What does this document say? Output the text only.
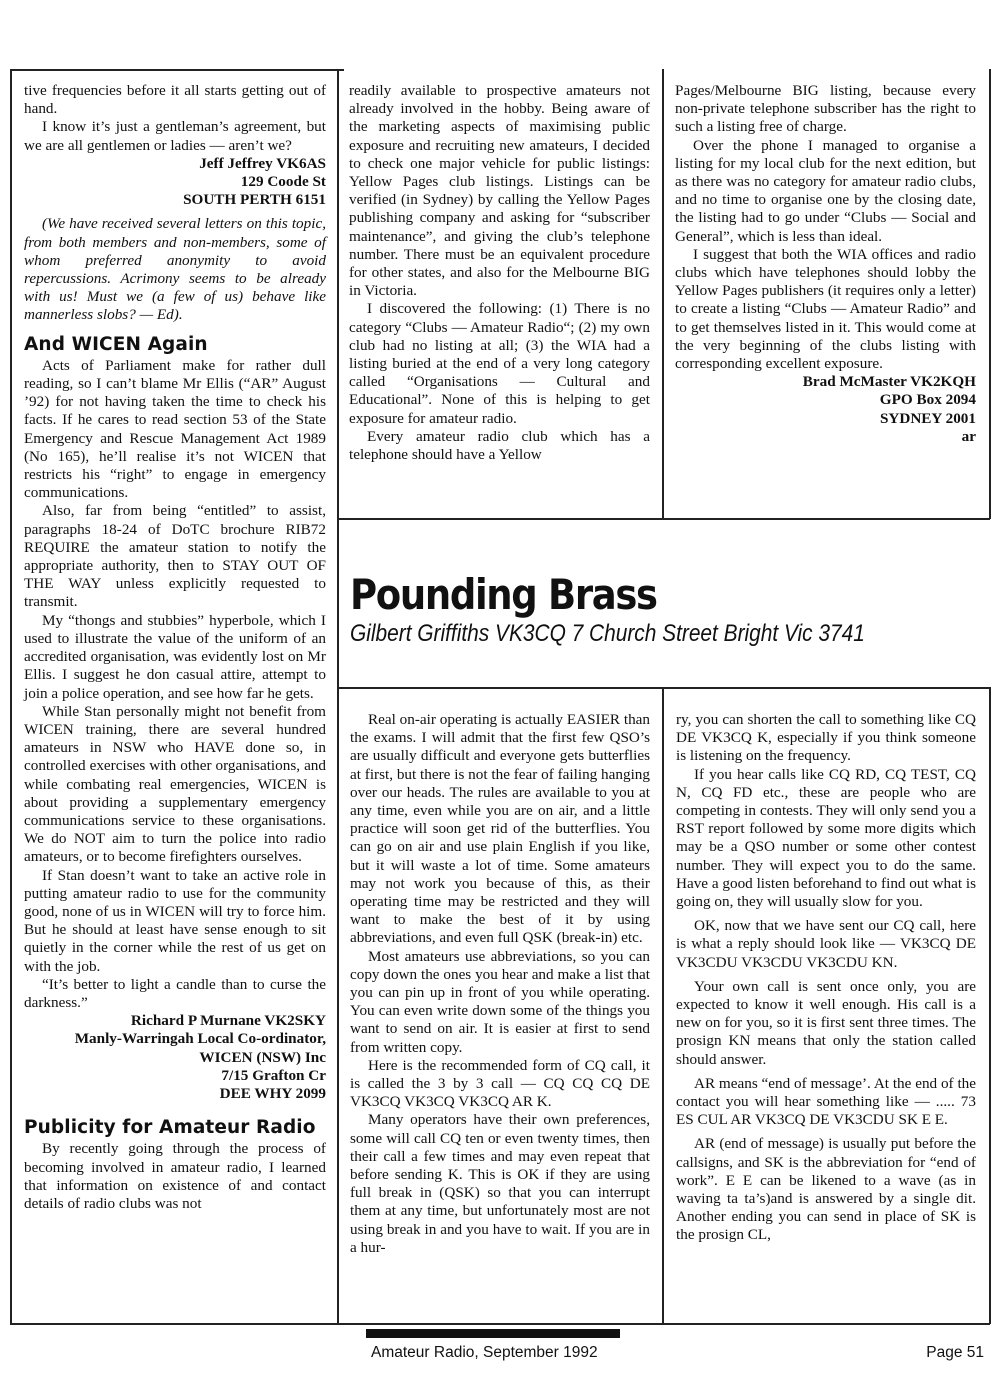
tive frequencies before it all starts getting out of hand.

I know it’s just a gentleman’s agreement, but we are all gentlemen or ladies — aren’t we?

Jeff Jeffrey VK6AS

129 Coode St

SOUTH PERTH 6151

(We have received several letters on this topic, from both members and non-members, some of whom preferred anonymity to avoid repercussions. Acrimony seems to be already with us! Must we (a few of us) behave like mannerless slobs? — Ed).

And WICEN Again

Acts of Parliament make for rather dull reading, so I can’t blame Mr Ellis (“AR” August ’92) for not having taken the time to check his facts. If he cares to read section 53 of the State Emergency and Rescue Management Act 1989 (No 165), he’ll realise it’s not WICEN that restricts his “right” to engage in emergency communications.

Also, far from being “entitled” to assist, paragraphs 18-24 of DoTC brochure RIB72 REQUIRE the amateur station to notify the appropriate authority, then to STAY OUT OF THE WAY unless explicitly requested to transmit.

My “thongs and stubbies” hyperbole, which I used to illustrate the value of the uniform of an accredited organisation, was evidently lost on Mr Ellis. I suggest he don casual attire, attempt to join a police operation, and see how far he gets.

While Stan personally might not benefit from WICEN training, there are several hundred amateurs in NSW who HAVE done so, in controlled exercises with other organisations, and while combating real emergencies, WICEN is about providing a supplementary emergency communications service to these organisations. We do NOT aim to turn the police into radio amateurs, or to become firefighters ourselves.

If Stan doesn’t want to take an active role in putting amateur radio to use for the community good, none of us in WICEN will try to force him. But he should at least have sense enough to sit quietly in the corner while the rest of us get on with the job.

“It’s better to light a candle than to curse the darkness.”

Richard P Murnane VK2SKY

Manly-Warringah Local Co-ordinator,

WICEN (NSW) Inc

7/15 Grafton Cr

DEE WHY 2099

Publicity for Amateur Radio

By recently going through the process of becoming involved in amateur radio, I learned that information on existence of and contact details of radio clubs was not

readily available to prospective amateurs not already involved in the hobby. Being aware of the marketing aspects of maximising public exposure and recruiting new amateurs, I decided to check one major vehicle for public listings: Yellow Pages club listings. Listings can be verified (in Sydney) by calling the Yellow Pages publishing company and asking for “subscriber maintenance”, and giving the club’s telephone number. There must be an equivalent procedure for other states, and also for the Melbourne BIG in Victoria.

I discovered the following: (1) There is no category “Clubs — Amateur Radio“; (2) my own club had no listing at all; (3) the WIA had a listing buried at the end of a very long category called “Organisations — Cultural and Educational”. None of this is helping to get exposure for amateur radio.

Every amateur radio club which has a telephone should have a Yellow

Pages/Melbourne BIG listing, because every non-private telephone subscriber has the right to such a listing free of charge.

Over the phone I managed to organise a listing for my local club for the next edition, but as there was no category for amateur radio clubs, and no time to organise one by the closing date, the listing had to go under “Clubs — Social and General”, which is less than ideal.

I suggest that both the WIA offices and radio clubs which have telephones should lobby the Yellow Pages publishers (it requires only a letter) to create a listing “Clubs — Amateur Radio” and to get themselves listed in it. This would come at the very beginning of the clubs listing with corresponding excellent exposure.

Brad McMaster VK2KQH

GPO Box 2094

SYDNEY 2001

ar

Pounding Brass
Gilbert Griffiths VK3CQ 7 Church Street Bright Vic 3741

Real on-air operating is actually EASIER than the exams. I will admit that the first few QSO’s are usually difficult and everyone gets butterflies at first, but there is not the fear of failing hanging over our heads. The rules are available to you at any time, even while you are on air, and a little practice will soon get rid of the butterflies. You can go on air and use plain English if you like, but it will waste a lot of time. Some amateurs may not work you because of this, as their operating time may be restricted and they will want to make the best of it by using abbreviations, and even full QSK (break-in) etc.

Most amateurs use abbreviations, so you can copy down the ones you hear and make a list that you can pin up in front of you while operating. You can even write down some of the things you want to send on air. It is easier at first to send from written copy.

Here is the recommended form of CQ call, it is called the 3 by 3 call — CQ CQ CQ DE VK3CQ VK3CQ VK3CQ AR K.

Many operators have their own preferences, some will call CQ ten or even twenty times, then their call a few times and may even repeat that before sending K. This is OK if they are using full break in (QSK) so that you can interrupt them at any time, but unfortunately most are not using break in and you have to wait. If you are in a hur-

ry, you can shorten the call to something like CQ DE VK3CQ K, especially if you think someone is listening on the frequency.

If you hear calls like CQ RD, CQ TEST, CQ N, CQ FD etc., these are people who are competing in contests. They will only send you a RST report followed by some more digits which may be a QSO number or some other contest number. They will expect you to do the same. Have a good listen beforehand to find out what is going on, they will usually slow for you.

OK, now that we have sent our CQ call, here is what a reply should look like — VK3CQ DE VK3CDU VK3CDU VK3CDU KN.

Your own call is sent once only, you are expected to know it well enough. His call is a new on for you, so it is first sent three times. The prosign KN means that only the station called should answer.

AR means “end of message’. At the end of the contact you will hear something like — ..... 73 ES CUL AR VK3CQ DE VK3CDU SK E E.

AR (end of message) is usually put before the callsigns, and SK is the abbreviation for “end of work”. E E can be likened to a wave (as in waving ta ta’s)and is answered by a single dit. Another ending you can send in place of SK is the prosign CL,

Amateur Radio, September 1992	Page 51
